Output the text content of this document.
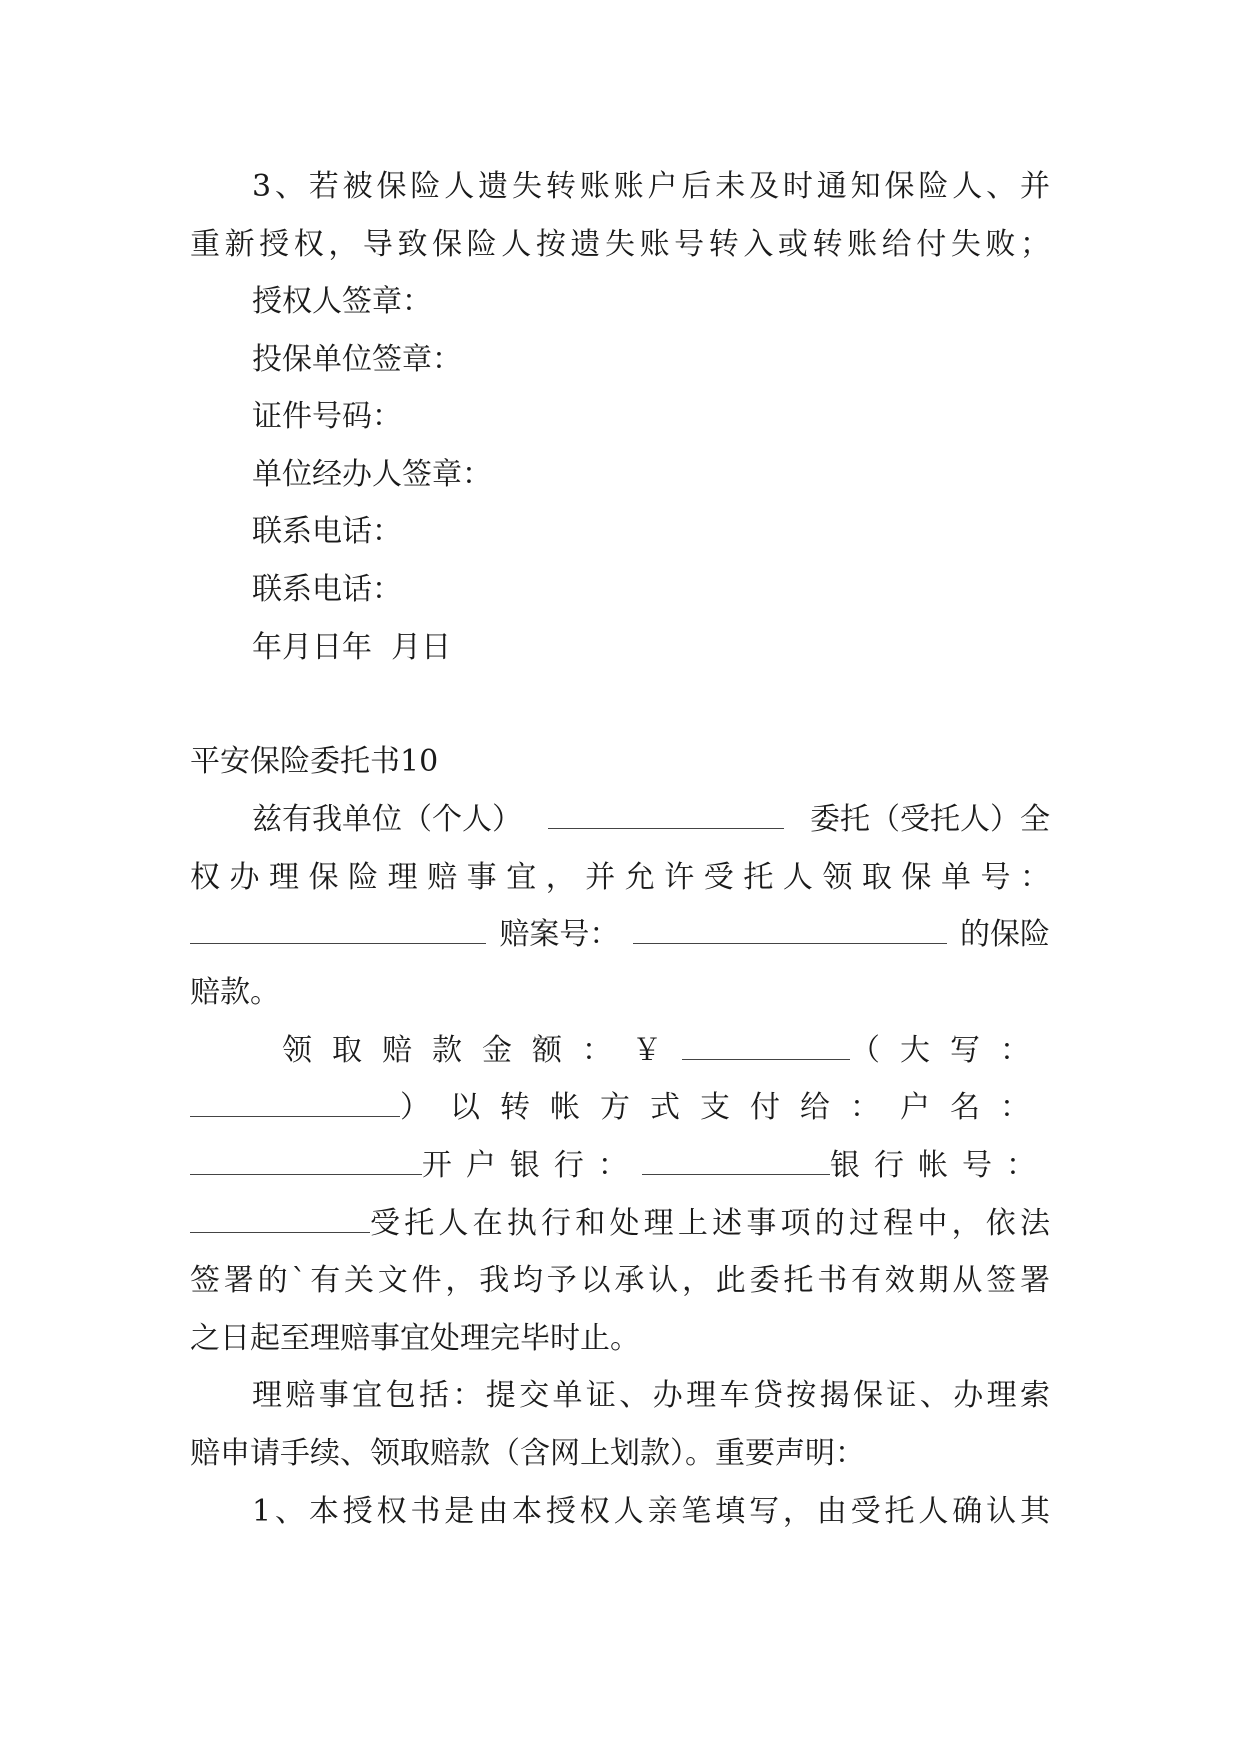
3、若被保险人遗失转账账户后未及时通知保险人、并
重新授权，导致保险人按遗失账号转入或转账给付失败；
授权人签章：
投保单位签章：
证件号码：
单位经办人签章：
联系电话：
联系电话：
年月日年  月日
平安保险委托书10
兹有我单位（个人）	委托（受托人）全
权办理保险理赔事宜，并允许受托人领取保单号：
赔案号：	的保险
赔款。
领取赔款金额：￥	（大写：
）以转帐方式支付给：户名：
开户银行：	银行帐号：
受托人在执行和处理上述事项的过程中，依法
签署的`有关文件，我均予以承认，此委托书有效期从签署
之日起至理赔事宜处理完毕时止。
理赔事宜包括：提交单证、办理车贷按揭保证、办理索
赔申请手续、领取赔款（含网上划款）。重要声明：
1、本授权书是由本授权人亲笔填写，由受托人确认其
